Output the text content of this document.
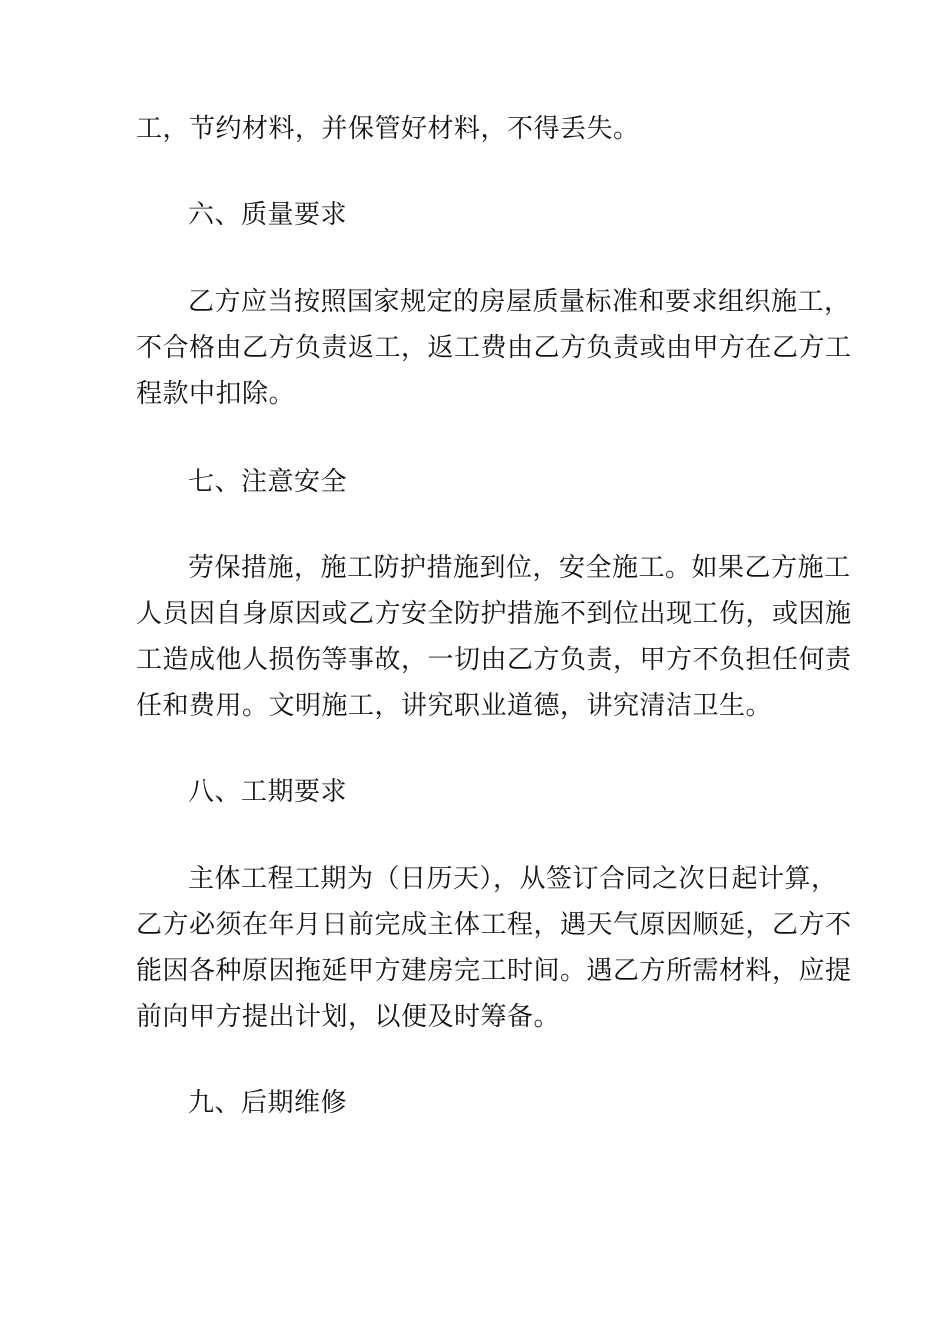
工，节约材料，并保管好材料，不得丢失。
六、质量要求
乙方应当按照国家规定的房屋质量标准和要求组织施工，
不合格由乙方负责返工，返工费由乙方负责或由甲方在乙方工
程款中扣除。
七、注意安全
劳保措施，施工防护措施到位，安全施工。如果乙方施工
人员因自身原因或乙方安全防护措施不到位出现工伤，或因施
工造成他人损伤等事故，一切由乙方负责，甲方不负担任何责
任和费用。文明施工，讲究职业道德，讲究清洁卫生。
八、工期要求
主体工程工期为（日历天），从签订合同之次日起计算，
乙方必须在年月日前完成主体工程，遇天气原因顺延，乙方不
能因各种原因拖延甲方建房完工时间。遇乙方所需材料，应提
前向甲方提出计划，以便及时筹备。
九、后期维修
